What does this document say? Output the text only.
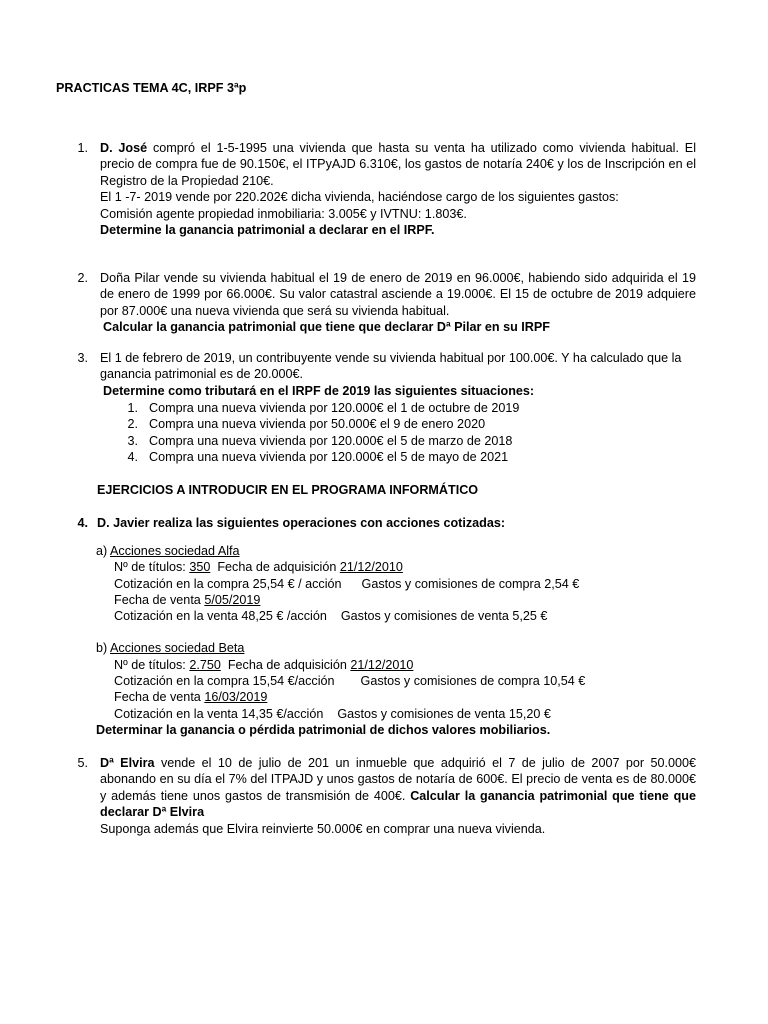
PRACTICAS TEMA 4C, IRPF 3ªp
1. D. José compró el 1-5-1995 una vivienda que hasta su venta ha utilizado como vivienda habitual. El precio de compra fue de 90.150€, el ITPyAJD 6.310€, los gastos de notaría 240€ y los de Inscripción en el Registro de la Propiedad 210€.
El 1 -7- 2019 vende por 220.202€ dicha vivienda, haciéndose cargo de los siguientes gastos:
Comisión agente propiedad inmobiliaria: 3.005€ y IVTNU: 1.803€.
Determine la ganancia patrimonial a declarar en el IRPF.
2. Doña Pilar vende su vivienda habitual el 19 de enero de 2019 en 96.000€, habiendo sido adquirida el 19 de enero de 1999 por 66.000€. Su valor catastral asciende a 19.000€. El 15 de octubre de 2019 adquiere por 87.000€ una nueva vivienda que será su vivienda habitual.
Calcular la ganancia patrimonial que tiene que declarar Dª Pilar en su IRPF
3. El 1 de febrero de 2019, un contribuyente vende su vivienda habitual por 100.00€. Y ha calculado que la ganancia patrimonial es de 20.000€.
Determine como tributará en el IRPF de 2019 las siguientes situaciones:
1. Compra una nueva vivienda por 120.000€ el 1 de octubre de 2019
2. Compra una nueva vivienda por 50.000€ el 9 de enero 2020
3. Compra una nueva vivienda por 120.000€ el 5 de marzo de 2018
4. Compra una nueva vivienda por 120.000€ el 5 de mayo de 2021
EJERCICIOS A INTRODUCIR EN EL PROGRAMA INFORMÁTICO
4. D. Javier realiza las siguientes operaciones con acciones cotizadas:
a) Acciones sociedad Alfa
Nº de títulos: 350 Fecha de adquisición 21/12/2010
Cotización en la compra 25,54 € / acción Gastos y comisiones de compra 2,54 €
Fecha de venta 5/05/2019
Cotización en la venta 48,25 € /acción Gastos y comisiones de venta 5,25 €
b) Acciones sociedad Beta
Nº de títulos: 2.750 Fecha de adquisición 21/12/2010
Cotización en la compra 15,54 €/acción Gastos y comisiones de compra 10,54 €
Fecha de venta 16/03/2019
Cotización en la venta 14,35 €/acción Gastos y comisiones de venta 15,20 €
Determinar la ganancia o pérdida patrimonial de dichos valores mobiliarios.
5. Dª Elvira vende el 10 de julio de 201 un inmueble que adquirió el 7 de julio de 2007 por 50.000€ abonando en su día el 7% del ITPAJD y unos gastos de notaría de 600€. El precio de venta es de 80.000€ y además tiene unos gastos de transmisión de 400€. Calcular la ganancia patrimonial que tiene que declarar Dª Elvira
Suponga además que Elvira reinvierte 50.000€ en comprar una nueva vivienda.
